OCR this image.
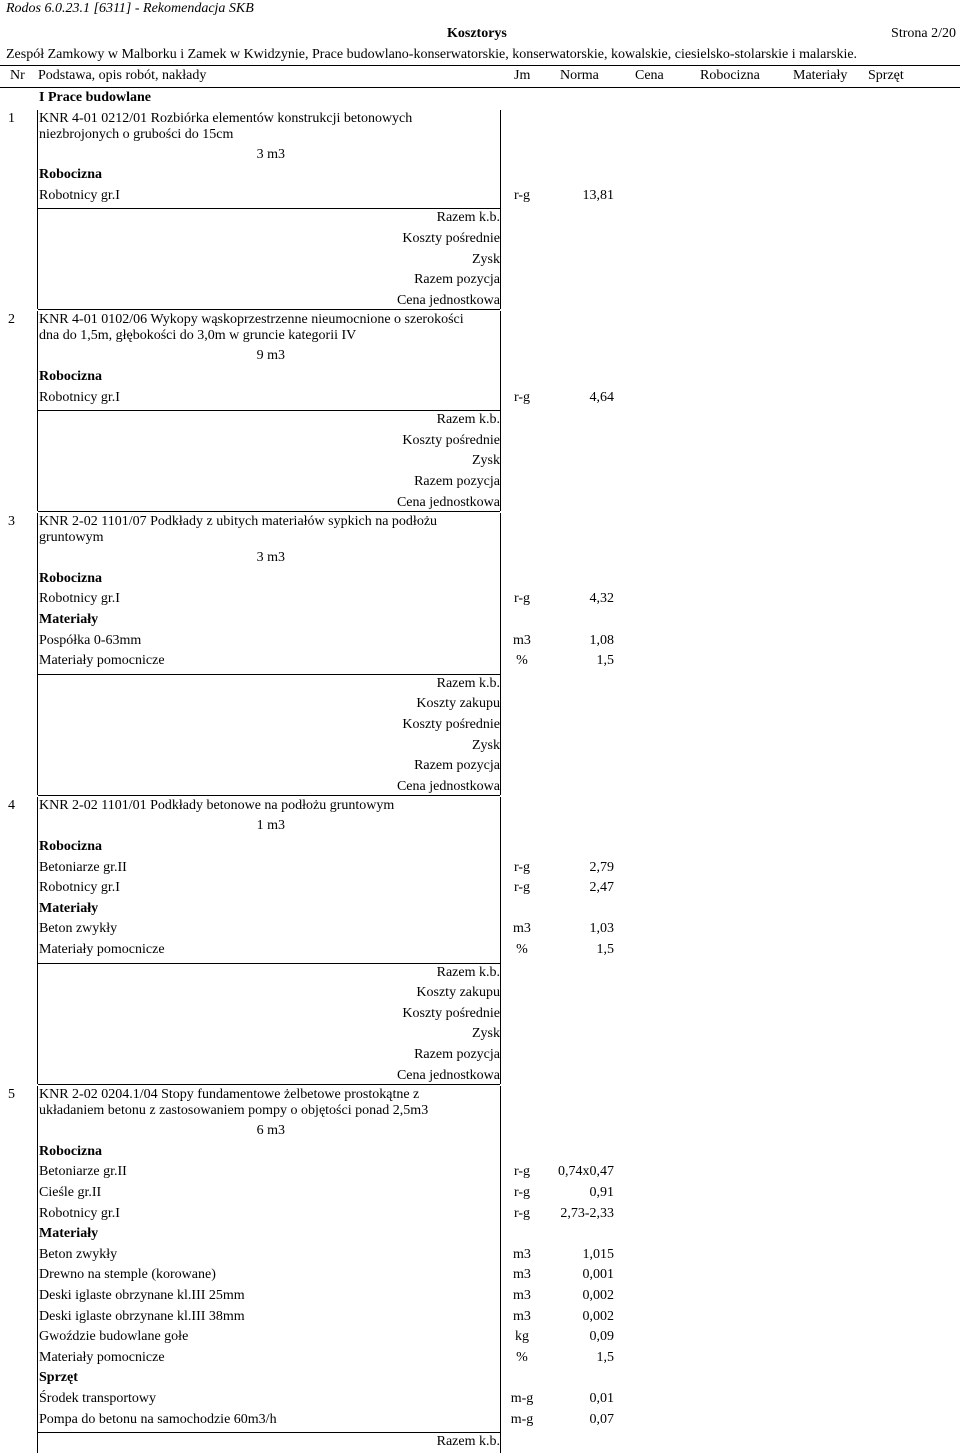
Rodos 6.0.23.1 [6311] - Rekomendacja SKB
Kosztorys	Strona 2/20
Zespół Zamkowy w Malborku i Zamek w Kwidzynie, Prace budowlano-konserwatorskie, konserwatorskie, kowalskie, ciesielsko-stolarskie i malarskie.
Nr Podstawa, opis robót, nakłady	Jm Norma	Cena	Robocizna Materiały Sprzęt
I Prace budowlane
1 KNR 4-01 0212/01 Rozbiórka elementów konstrukcji betonowych
niezbrojonych o grubości do 15cm
3 m3
Robocizna
Robotnicy gr.I	r-g	13,81
Razem k.b.
Koszty pośrednie
Zysk
Razem pozycja
Cena jednostkowa
2 KNR 4-01 0102/06 Wykopy wąskoprzestrzenne nieumocnione o szerokości
dna do 1,5m, głębokości do 3,0m w gruncie kategorii IV
9 m3
Robocizna
Robotnicy gr.I	r-g	4,64
Razem k.b.
Koszty pośrednie
Zysk
Razem pozycja
Cena jednostkowa
3 KNR 2-02 1101/07 Podkłady z ubitych materiałów sypkich na podłożu
gruntowym
3 m3
Robocizna
Robotnicy gr.I	r-g	4,32
Materiały
Pospółka 0-63mm	m3	1,08
Materiały pomocnicze	%	1,5
Razem k.b.
Koszty zakupu
Koszty pośrednie
Zysk
Razem pozycja
Cena jednostkowa
4 KNR 2-02 1101/01 Podkłady betonowe na podłożu gruntowym
1 m3
Robocizna
Betoniarze gr.II	r-g	2,79
Robotnicy gr.I	r-g	2,47
Materiały
Beton zwykły	m3	1,03
Materiały pomocnicze	%	1,5
Razem k.b.
Koszty zakupu
Koszty pośrednie
Zysk
Razem pozycja
Cena jednostkowa
5 KNR 2-02 0204.1/04 Stopy fundamentowe żelbetowe prostokątne z
układaniem betonu z zastosowaniem pompy o objętości ponad 2,5m3
6 m3
Robocizna
Betoniarze gr.II	r-g	0,74x0,47
Cieśle gr.II	r-g	0,91
Robotnicy gr.I	r-g	2,73-2,33
Materiały
Beton zwykły	m3	1,015
Drewno na stemple (korowane)	m3	0,001
Deski iglaste obrzynane kl.III 25mm	m3	0,002
Deski iglaste obrzynane kl.III 38mm	m3	0,002
Gwoździe budowlane gołe	kg	0,09
Materiały pomocnicze	%	1,5
Sprzęt
Środek transportowy	m-g	0,01
Pompa do betonu na samochodzie 60m3/h	m-g	0,07
Razem k.b.
